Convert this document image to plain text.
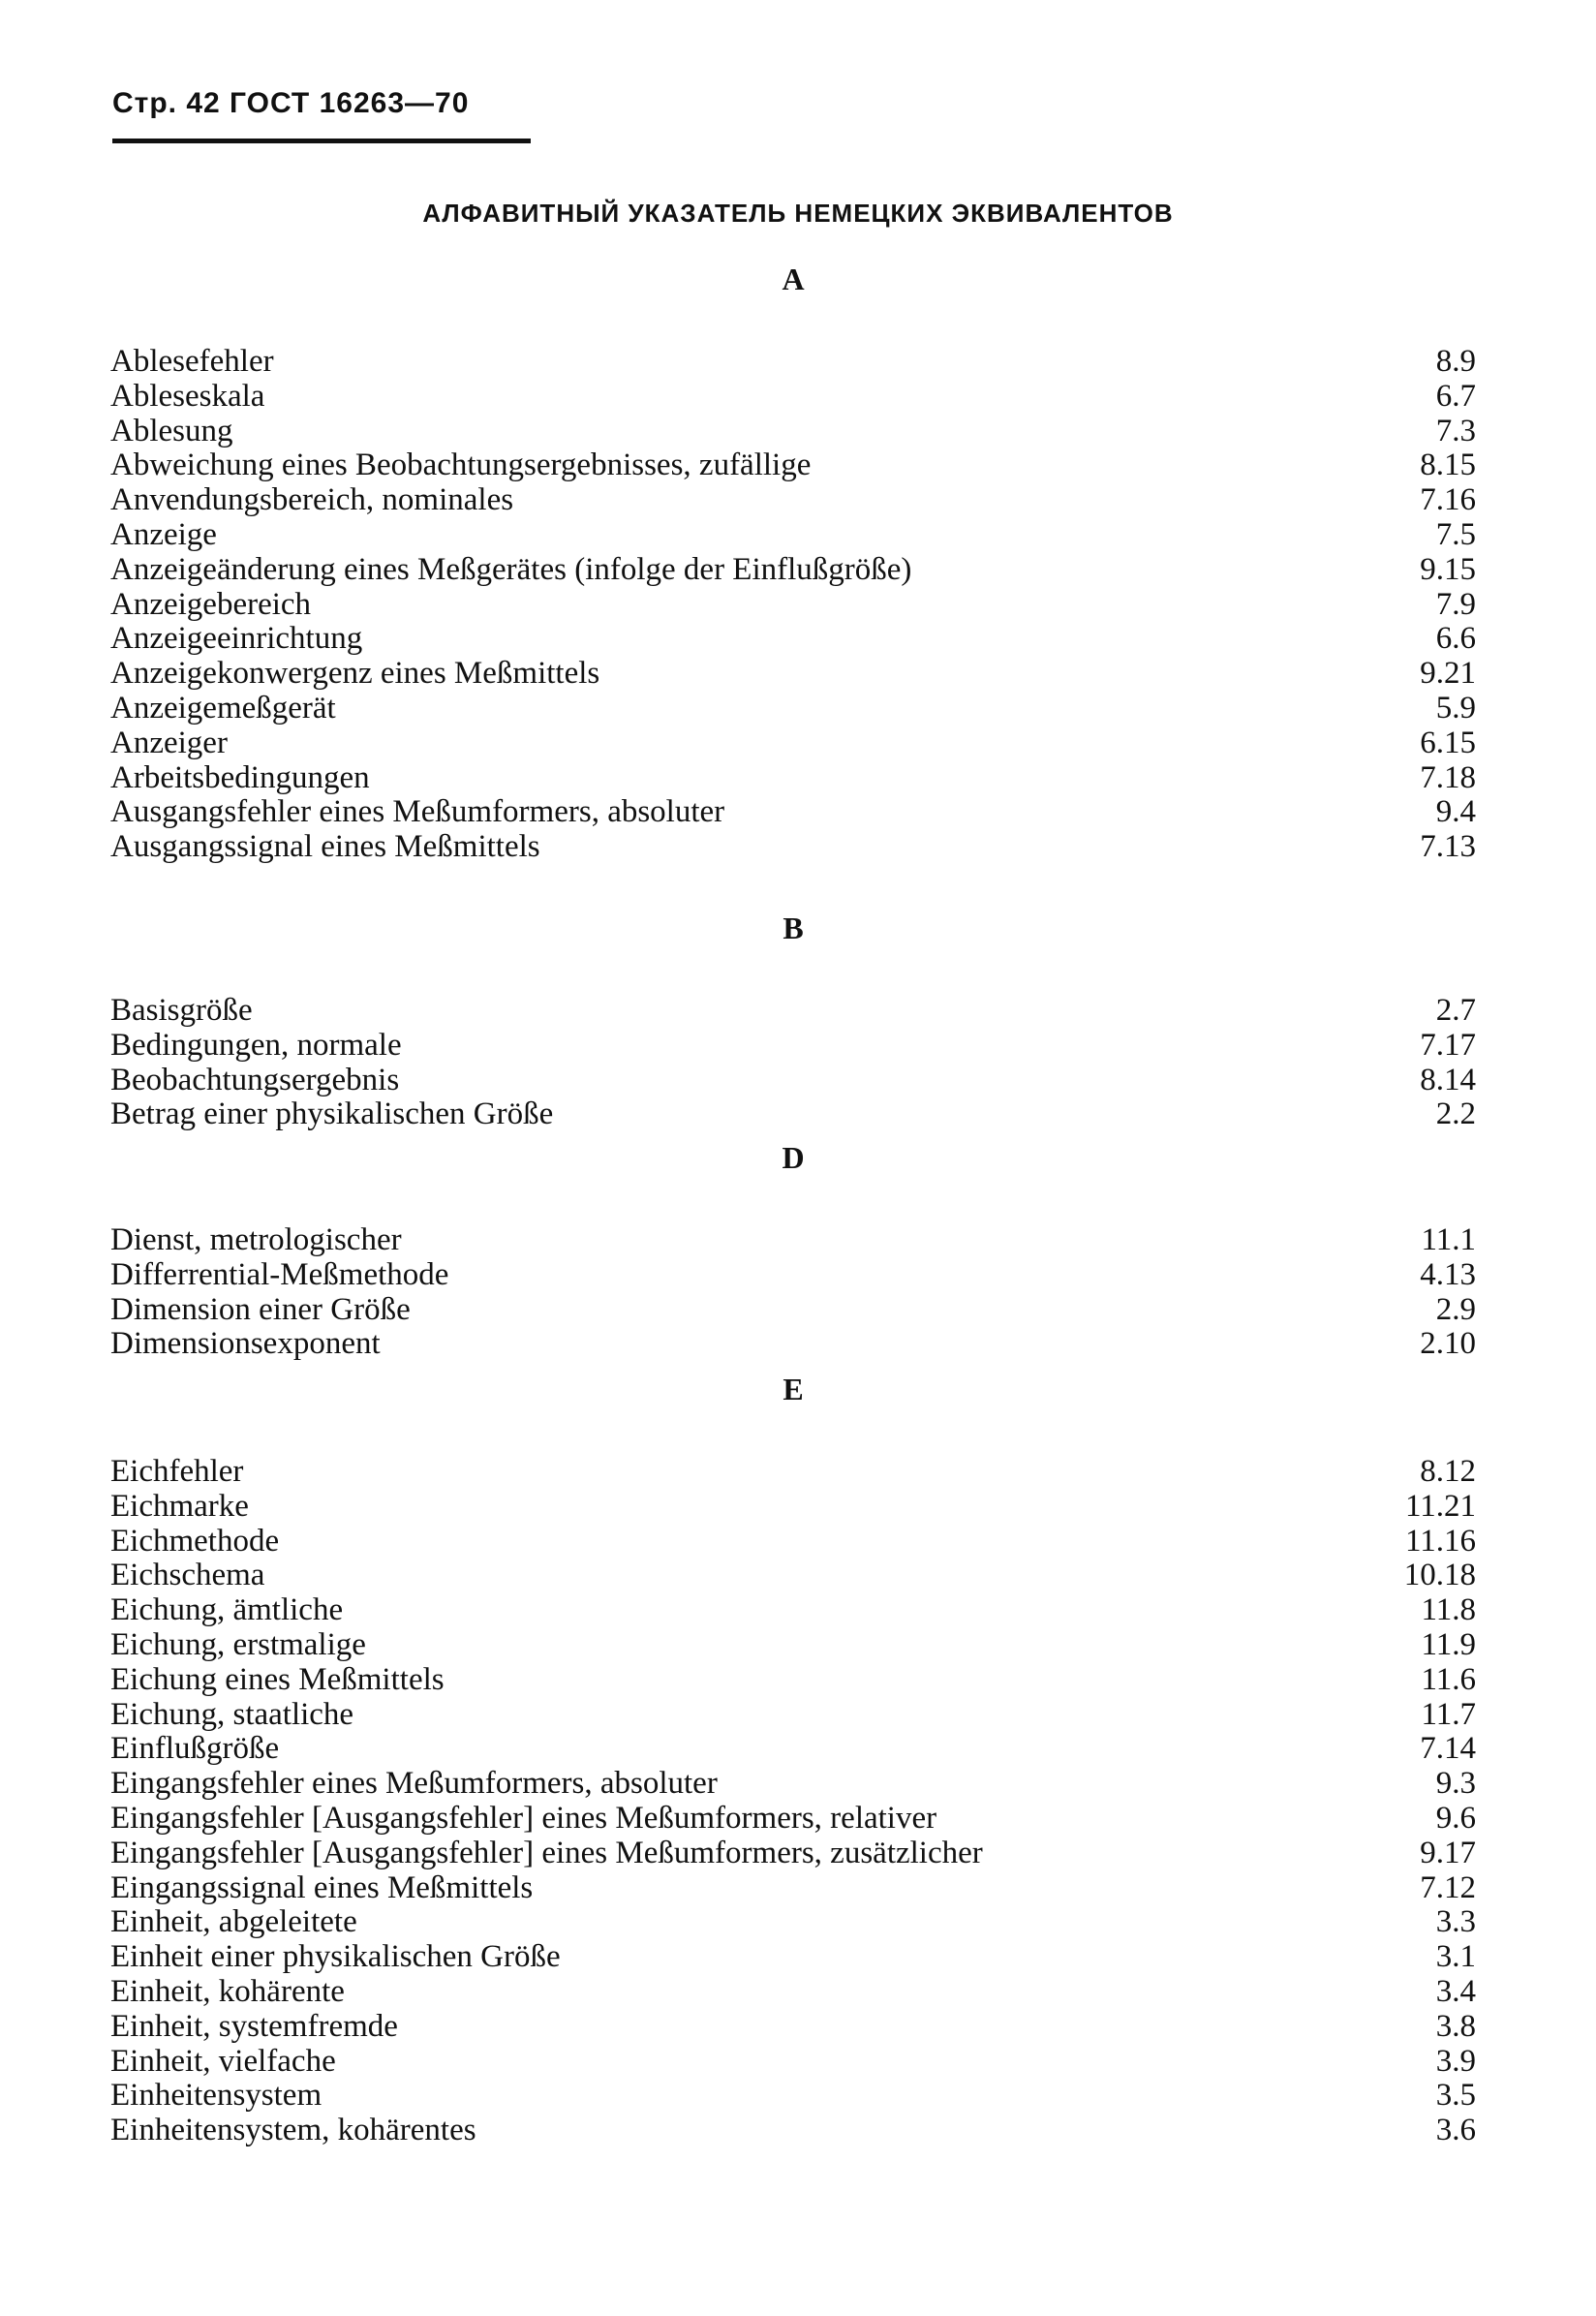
Стр. 42 ГОСТ 16263—70
АЛФАВИТНЫЙ УКАЗАТЕЛЬ НЕМЕЦКИХ ЭКВИВАЛЕНТОВ
A
Ablesefehler	8.9
Ableseskala	6.7
Ablesung	7.3
Abweichung eines Beobachtungsergebnisses, zufällige	8.15
Anvendungsbereich, nominales	7.16
Anzeige	7.5
Anzeigeänderung eines Meßgerätes (infolge der Einflußgröße)	9.15
Anzeigebereich	7.9
Anzeigeeinrichtung	6.6
Anzeigekonwergenz eines Meßmittels	9.21
Anzeigemeßgerät	5.9
Anzeiger	6.15
Arbeitsbedingungen	7.18
Ausgangsfehler eines Meßumformers, absoluter	9.4
Ausgangssignal eines Meßmittels	7.13
B
Basisgröße	2.7
Bedingungen, normale	7.17
Beobachtungsergebnis	8.14
Betrag einer physikalischen Größe	2.2
D
Dienst, metrologischer	11.1
Differrential-Meßmethode	4.13
Dimension einer Größe	2.9
Dimensionsexponent	2.10
E
Eichfehler	8.12
Eichmarke	11.21
Eichmethode	11.16
Eichschema	10.18
Eichung, ämtliche	11.8
Eichung, erstmalige	11.9
Eichung eines Meßmittels	11.6
Eichung, staatliche	11.7
Einflußgröße	7.14
Eingangsfehler eines Meßumformers, absoluter	9.3
Eingangsfehler [Ausgangsfehler] eines Meßumformers, relativer	9.6
Eingangsfehler [Ausgangsfehler] eines Meßumformers, zusätzlicher	9.17
Eingangssignal eines Meßmittels	7.12
Einheit, abgeleitete	3.3
Einheit einer physikalischen Größe	3.1
Einheit, kohärente	3.4
Einheit, systemfremde	3.8
Einheit, vielfache	3.9
Einheitensystem	3.5
Einheitensystem, kohärentes	3.6
